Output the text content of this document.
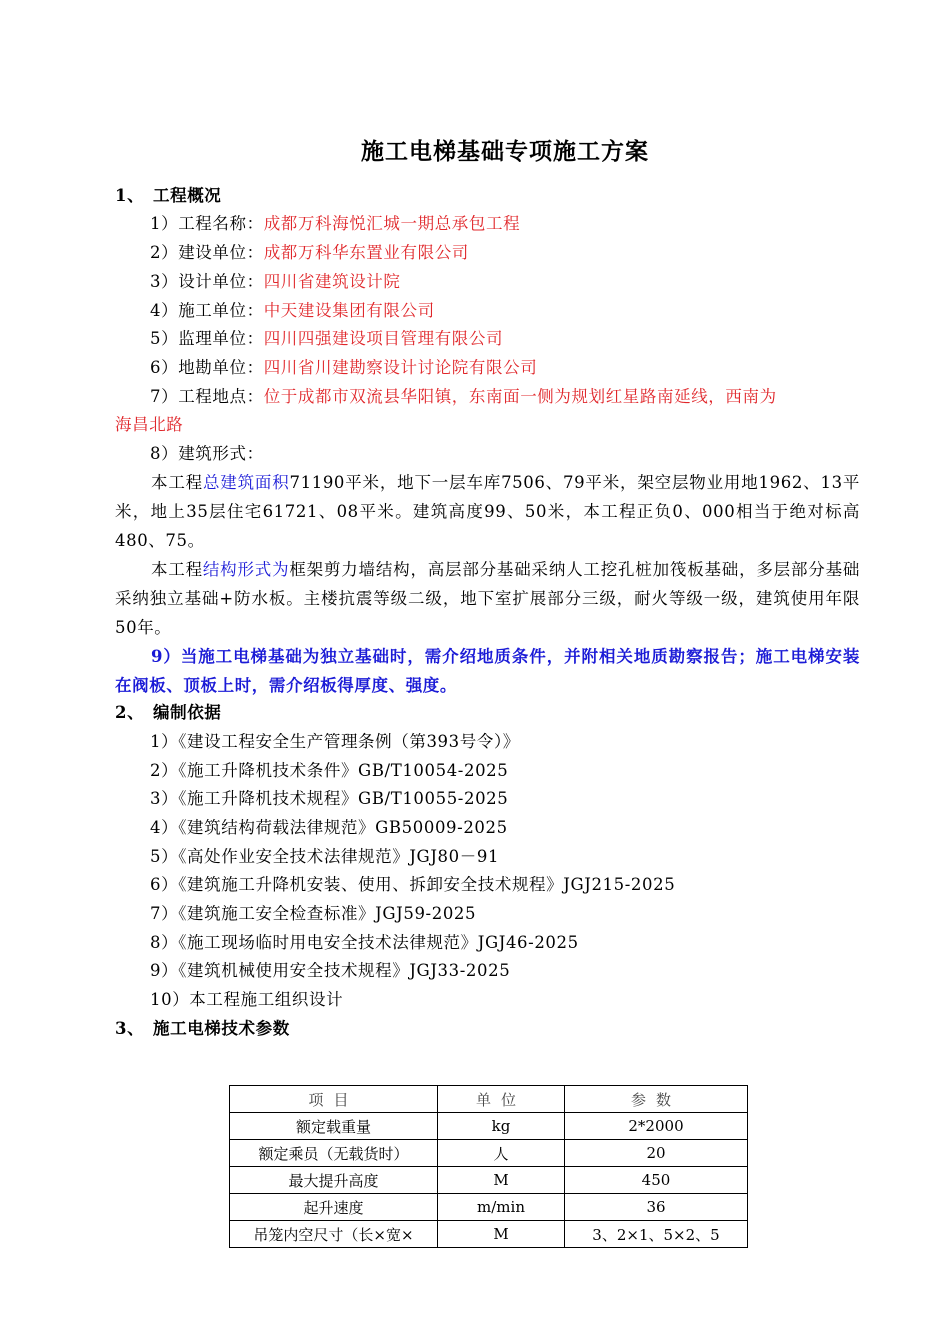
施工电梯基础专项施工方案
1、 工程概况
1）工程名称：成都万科海悦汇城一期总承包工程
2）建设单位：成都万科华东置业有限公司
3）设计单位：四川省建筑设计院
4）施工单位：中天建设集团有限公司
5）监理单位：四川四强建设项目管理有限公司
6）地勘单位：四川省川建勘察设计讨论院有限公司
7）工程地点：位于成都市双流县华阳镇，东南面一侧为规划红星路南延线，西南为
海昌北路
8）建筑形式：
本工程总建筑面积71190平米，地下一层车库7506、79平米，架空层物业用地1962、13平米，地上35层住宅61721、08平米。建筑高度99、50米，本工程正负0、000相当于绝对标高480、75。
本工程结构形式为框架剪力墙结构，高层部分基础采纳人工挖孔桩加筏板基础，多层部分基础采纳独立基础+防水板。主楼抗震等级二级，地下室扩展部分三级，耐火等级一级，建筑使用年限50年。
9）当施工电梯基础为独立基础时，需介绍地质条件，并附相关地质勘察报告；施工电梯安装在阀板、顶板上时，需介绍板得厚度、强度。
2、 编制依据
1）《建设工程安全生产管理条例（第393号令）》
2）《施工升降机技术条件》GB/T10054-2025
3）《施工升降机技术规程》GB/T10055-2025
4）《建筑结构荷载法律规范》GB50009-2025
5）《高处作业安全技术法律规范》JGJ80－91
6）《建筑施工升降机安装、使用、拆卸安全技术规程》JGJ215-2025
7）《建筑施工安全检查标准》JGJ59-2025
8）《施工现场临时用电安全技术法律规范》JGJ46-2025
9）《建筑机械使用安全技术规程》JGJ33-2025
10）本工程施工组织设计
3、 施工电梯技术参数
项目	单位	参数
额定载重量	kg	2*2000
额定乘员（无载货时）	人	20
最大提升高度	M	450
起升速度	m/min	36
吊笼内空尺寸（长×宽×	M	3、2×1、5×2、5
